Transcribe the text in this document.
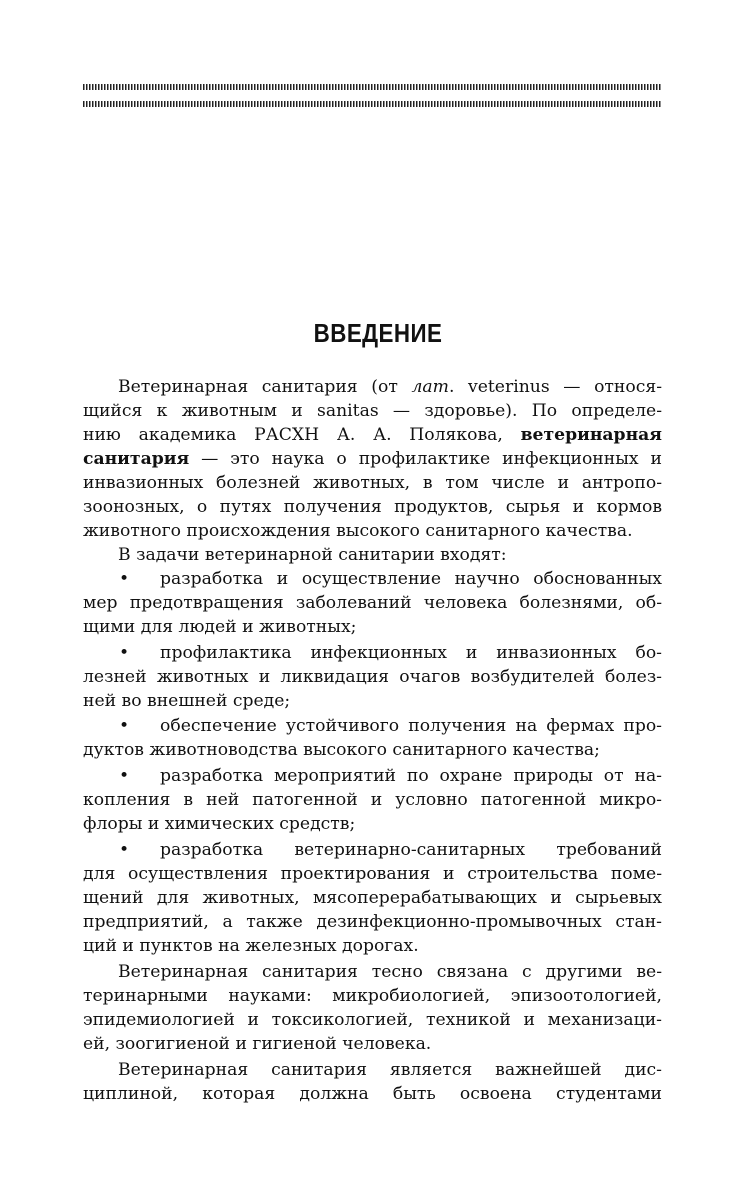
ВВЕДЕНИЕ
Ветеринарная санитария (от лат. veterinus — относя-
щийся к животным и sanitas — здоровье). По определе-
нию академика РАСХН А. А. Полякова, ветеринарная
санитария — это наука о профилактике инфекционных и
инвазионных болезней животных, в том числе и антропо-
зоонозных, о путях получения продуктов, сырья и кормов
животного происхождения высокого санитарного качества.
В задачи ветеринарной санитарии входят:
• разработка и осуществление научно обоснованных
мер предотвращения заболеваний человека болезнями, об-
щими для людей и животных;
• профилактика инфекционных и инвазионных бо-
лезней животных и ликвидация очагов возбудителей болез-
ней во внешней среде;
• обеспечение устойчивого получения на фермах про-
дуктов животноводства высокого санитарного качества;
• разработка мероприятий по охране природы от на-
копления в ней патогенной и условно патогенной микро-
флоры и химических средств;
• разработка ветеринарно-санитарных требований
для осуществления проектирования и строительства поме-
щений для животных, мясоперерабатывающих и сырьевых
предприятий, а также дезинфекционно-промывочных стан-
ций и пунктов на железных дорогах.
Ветеринарная санитария тесно связана с другими ве-
теринарными науками: микробиологией, эпизоотологией,
эпидемиологией и токсикологией, техникой и механизаци-
ей, зоогигиеной и гигиеной человека.
Ветеринарная санитария является важнейшей дис-
циплиной, которая должна быть освоена студентами
